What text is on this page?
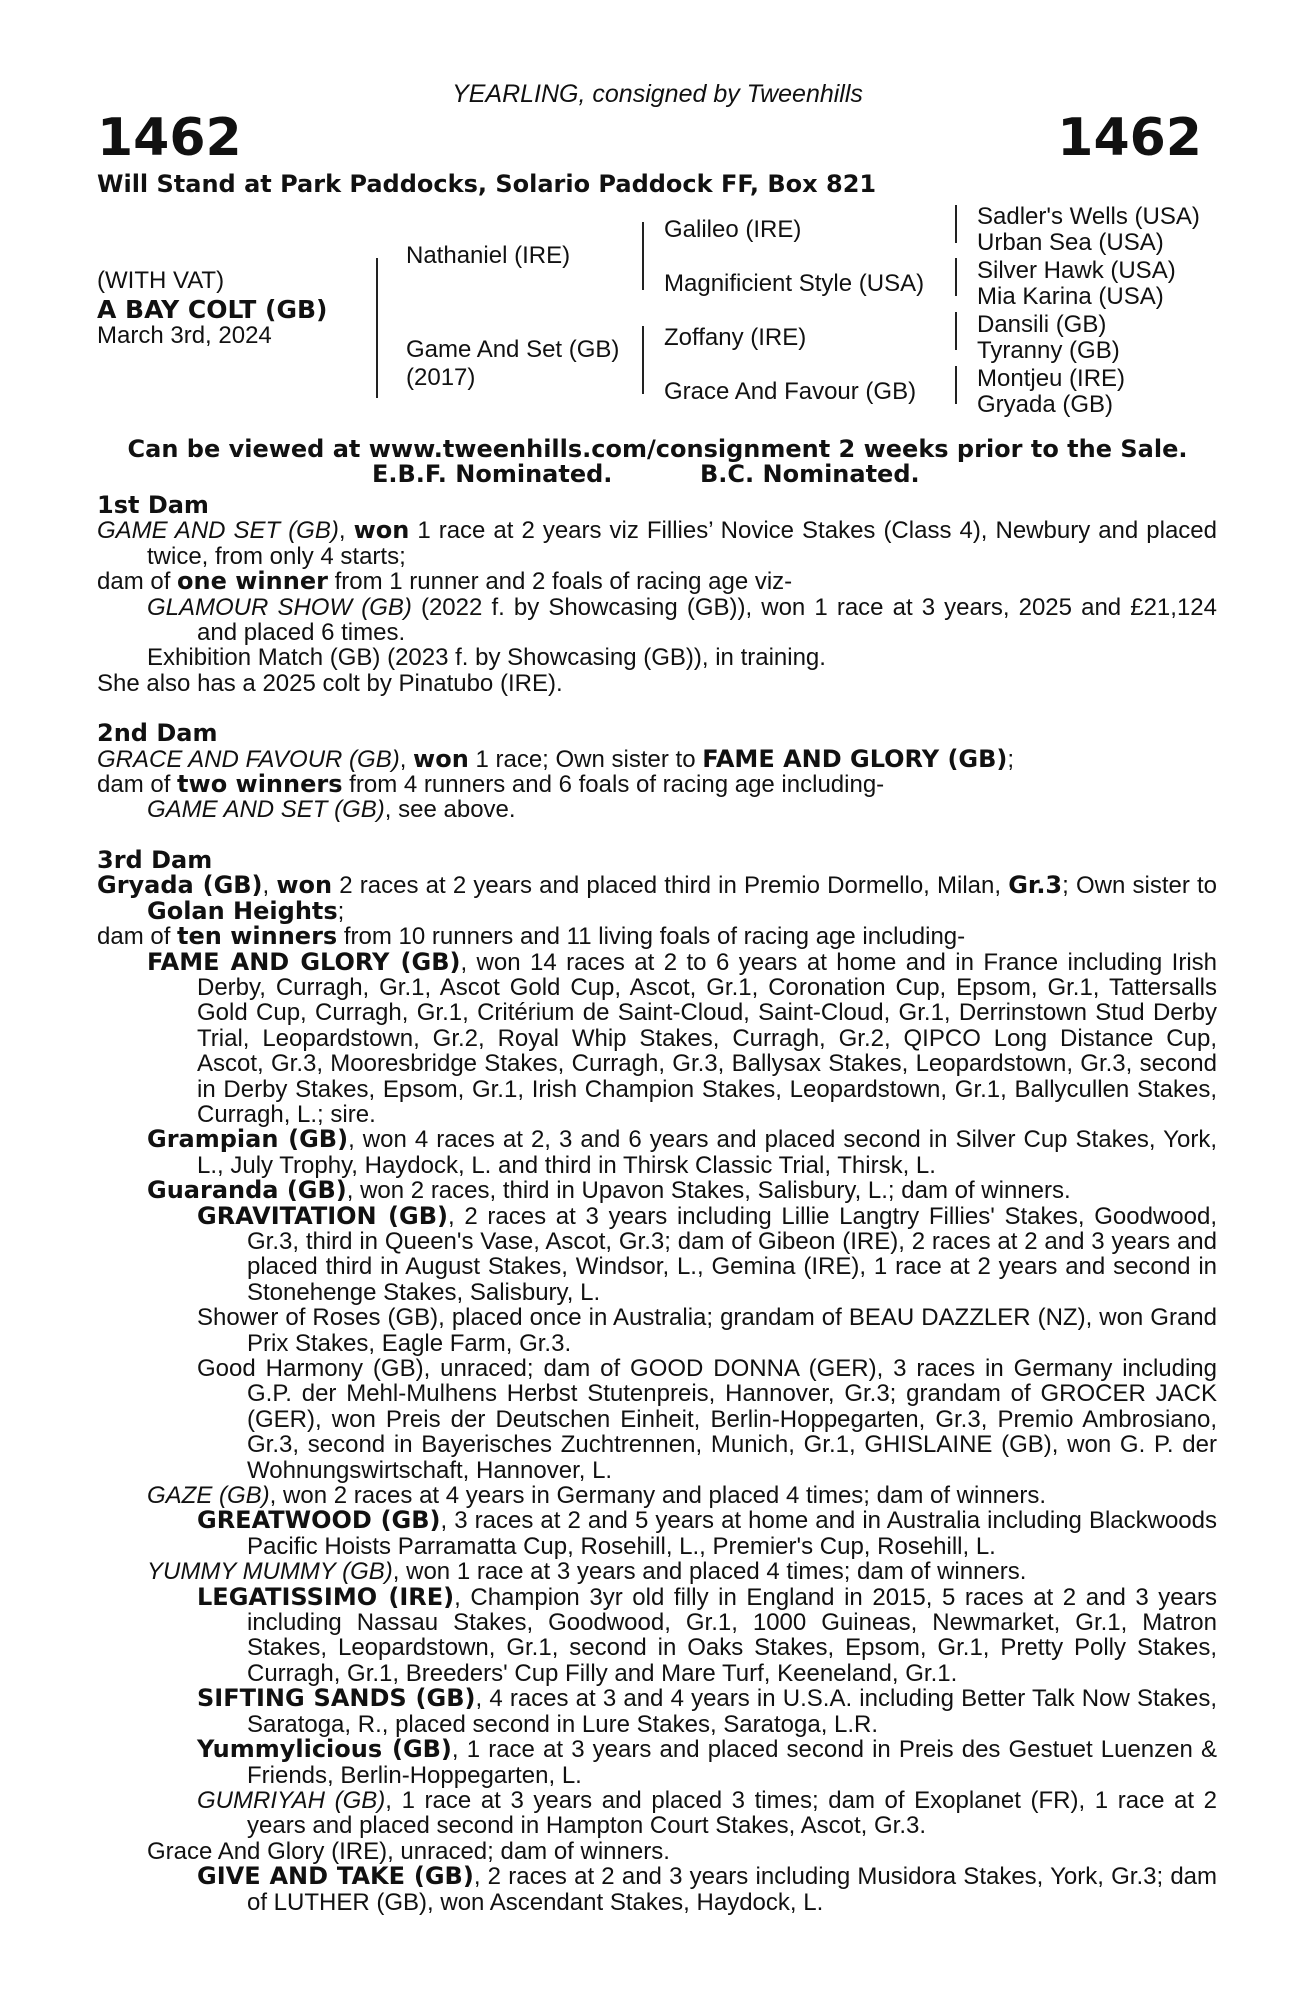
YEARLING, consigned by Tweenhills
1462	1462
Will Stand at Park Paddocks, Solario Paddock FF, Box 821
(WITH VAT)
A BAY COLT (GB)
March 3rd, 2024
Nathaniel (IRE)
Game And Set (GB)
(2017)
Galileo (IRE)
Magnificient Style (USA)
Zoffany (IRE)
Grace And Favour (GB)
Sadler's Wells (USA)
Urban Sea (USA)
Silver Hawk (USA)
Mia Karina (USA)
Dansili (GB)
Tyranny (GB)
Montjeu (IRE)
Gryada (GB)
Can be viewed at www.tweenhills.com/consignment 2 weeks prior to the Sale.
E.B.F. Nominated.	B.C. Nominated.

1st Dam

GAME AND SET (GB), won 1 race at 2 years viz Fillies’ Novice Stakes (Class 4), Newbury and placed twice, from only 4 starts;

dam of one winner from 1 runner and 2 foals of racing age viz-

GLAMOUR SHOW (GB) (2022 f. by Showcasing (GB)), won 1 race at 3 years, 2025 and £21,124 and placed 6 times.

Exhibition Match (GB) (2023 f. by Showcasing (GB)), in training.

She also has a 2025 colt by Pinatubo (IRE).

2nd Dam

GRACE AND FAVOUR (GB), won 1 race; Own sister to FAME AND GLORY (GB);

dam of two winners from 4 runners and 6 foals of racing age including-

GAME AND SET (GB), see above.

3rd Dam

Gryada (GB), won 2 races at 2 years and placed third in Premio Dormello, Milan, Gr.3; Own sister to Golan Heights;

dam of ten winners from 10 runners and 11 living foals of racing age including-

FAME AND GLORY (GB), won 14 races at 2 to 6 years at home and in France including Irish Derby, Curragh, Gr.1, Ascot Gold Cup, Ascot, Gr.1, Coronation Cup, Epsom, Gr.1, Tattersalls Gold Cup, Curragh, Gr.1, Critérium de Saint-Cloud, Saint-Cloud, Gr.1, Derrinstown Stud Derby Trial, Leopardstown, Gr.2, Royal Whip Stakes, Curragh, Gr.2, QIPCO Long Distance Cup, Ascot, Gr.3, Mooresbridge Stakes, Curragh, Gr.3, Ballysax Stakes, Leopardstown, Gr.3, second in Derby Stakes, Epsom, Gr.1, Irish Champion Stakes, Leopardstown, Gr.1, Ballycullen Stakes, Curragh, L.; sire.

Grampian (GB), won 4 races at 2, 3 and 6 years and placed second in Silver Cup Stakes, York, L., July Trophy, Haydock, L. and third in Thirsk Classic Trial, Thirsk, L.

Guaranda (GB), won 2 races, third in Upavon Stakes, Salisbury, L.; dam of winners.

GRAVITATION (GB), 2 races at 3 years including Lillie Langtry Fillies' Stakes, Goodwood, Gr.3, third in Queen's Vase, Ascot, Gr.3; dam of Gibeon (IRE), 2 races at 2 and 3 years and placed third in August Stakes, Windsor, L., Gemina (IRE), 1 race at 2 years and second in Stonehenge Stakes, Salisbury, L.

Shower of Roses (GB), placed once in Australia; grandam of BEAU DAZZLER (NZ), won Grand Prix Stakes, Eagle Farm, Gr.3.

Good Harmony (GB), unraced; dam of GOOD DONNA (GER), 3 races in Germany including G.P. der Mehl-Mulhens Herbst Stutenpreis, Hannover, Gr.3; grandam of GROCER JACK (GER), won Preis der Deutschen Einheit, Berlin-Hoppegarten, Gr.3, Premio Ambrosiano, Gr.3, second in Bayerisches Zuchtrennen, Munich, Gr.1, GHISLAINE (GB), won G. P. der Wohnungswirtschaft, Hannover, L.

GAZE (GB), won 2 races at 4 years in Germany and placed 4 times; dam of winners.

GREATWOOD (GB), 3 races at 2 and 5 years at home and in Australia including Blackwoods Pacific Hoists Parramatta Cup, Rosehill, L., Premier's Cup, Rosehill, L.

YUMMY MUMMY (GB), won 1 race at 3 years and placed 4 times; dam of winners.

LEGATISSIMO (IRE), Champion 3yr old filly in England in 2015, 5 races at 2 and 3 years including Nassau Stakes, Goodwood, Gr.1, 1000 Guineas, Newmarket, Gr.1, Matron Stakes, Leopardstown, Gr.1, second in Oaks Stakes, Epsom, Gr.1, Pretty Polly Stakes, Curragh, Gr.1, Breeders' Cup Filly and Mare Turf, Keeneland, Gr.1.

SIFTING SANDS (GB), 4 races at 3 and 4 years in U.S.A. including Better Talk Now Stakes, Saratoga, R., placed second in Lure Stakes, Saratoga, L.R.

Yummylicious (GB), 1 race at 3 years and placed second in Preis des Gestuet Luenzen & Friends, Berlin-Hoppegarten, L.

GUMRIYAH (GB), 1 race at 3 years and placed 3 times; dam of Exoplanet (FR), 1 race at 2 years and placed second in Hampton Court Stakes, Ascot, Gr.3.

Grace And Glory (IRE), unraced; dam of winners.

GIVE AND TAKE (GB), 2 races at 2 and 3 years including Musidora Stakes, York, Gr.3; dam of LUTHER (GB), won Ascendant Stakes, Haydock, L.
